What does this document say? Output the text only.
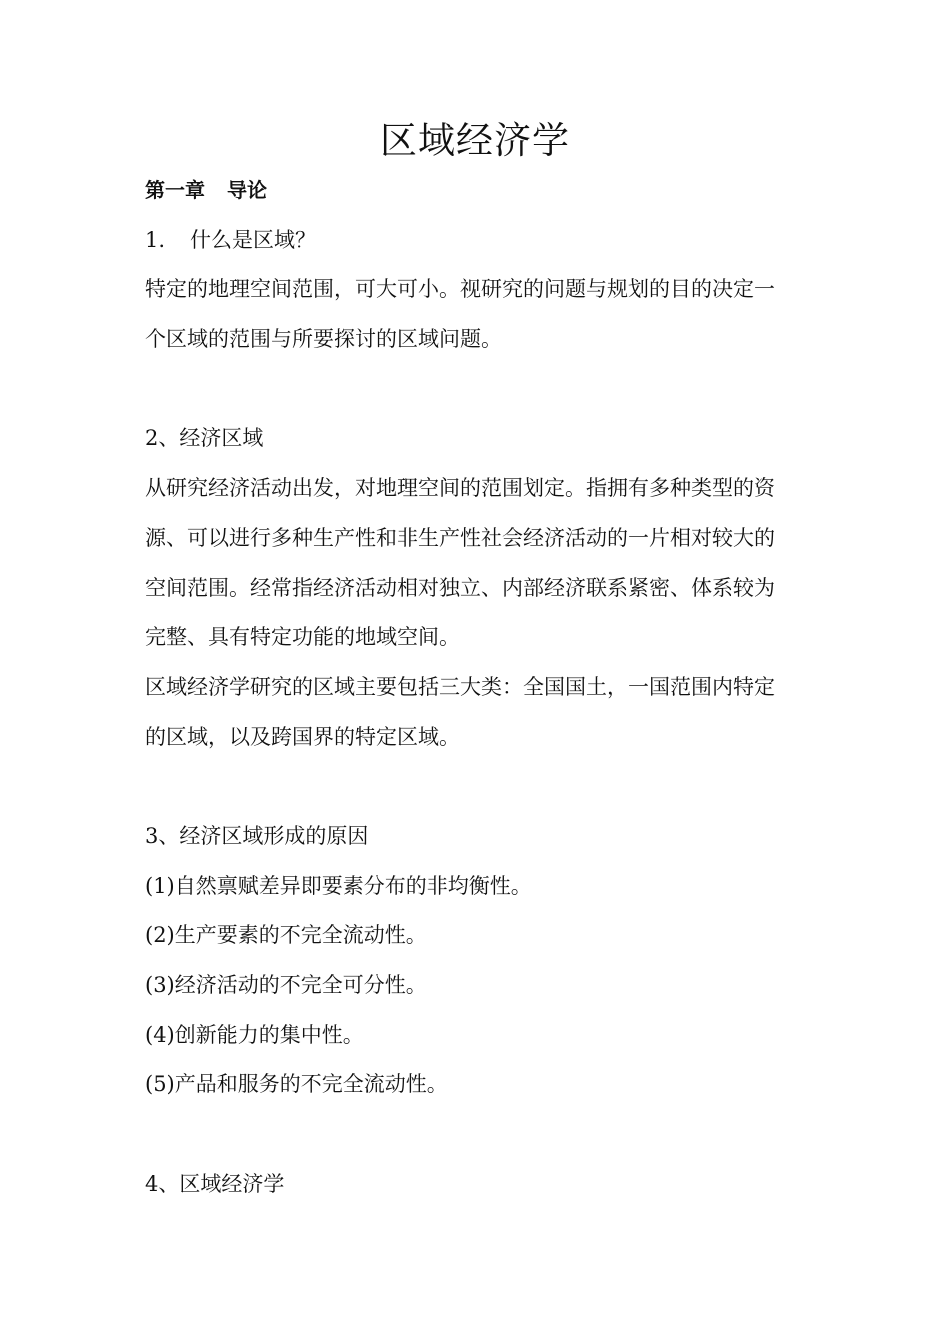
区域经济学
第一章 导论
1. 什么是区域？
特定的地理空间范围，可大可小。视研究的问题与规划的目的决定一
个区域的范围与所要探讨的区域问题。
2、经济区域
从研究经济活动出发，对地理空间的范围划定。指拥有多种类型的资
源、可以进行多种生产性和非生产性社会经济活动的一片相对较大的
空间范围。经常指经济活动相对独立、内部经济联系紧密、体系较为
完整、具有特定功能的地域空间。
区域经济学研究的区域主要包括三大类：全国国土，一国范围内特定
的区域，以及跨国界的特定区域。
3、经济区域形成的原因
(1)自然禀赋差异即要素分布的非均衡性。
(2)生产要素的不完全流动性。
(3)经济活动的不完全可分性。
(4)创新能力的集中性。
(5)产品和服务的不完全流动性。
4、区域经济学
